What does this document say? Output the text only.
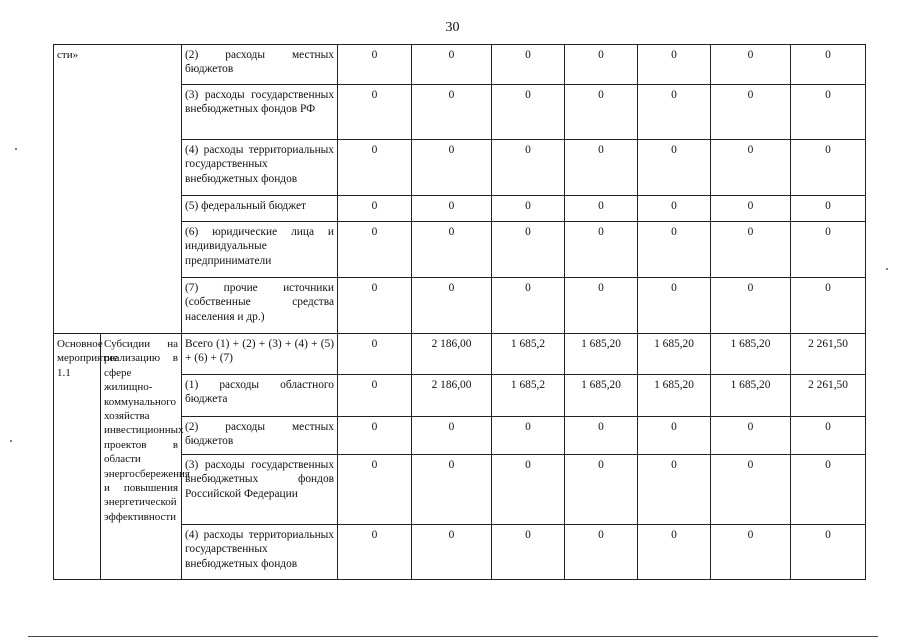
30
сти»		(2) расходы местных бюджетов	0	0	0	0	0	0	0
		(3) расходы государственных внебюджетных фондов РФ	0	0	0	0	0	0	0
		(4) расходы территориальных государственных внебюджетных фондов	0	0	0	0	0	0	0
		(5) федеральный бюджет	0	0	0	0	0	0	0
		(6) юридические лица и индивидуальные предприниматели	0	0	0	0	0	0	0
		(7) прочие источники (собственные средства населения и др.)	0	0	0	0	0	0	0
Основное мероприятие 1.1	Субсидии на реализацию в сфере жилищно-коммунального хозяйства инвестиционных проектов в области энергосбережения и повышения энергетической эффективности	Всего (1) + (2) + (3) + (4) + (5) + (6) + (7)	0	2 186,00	1 685,2	1 685,20	1 685,20	1 685,20	2 261,50
		(1) расходы областного бюджета	0	2 186,00	1 685,2	1 685,20	1 685,20	1 685,20	2 261,50
		(2) расходы местных бюджетов	0	0	0	0	0	0	0
		(3) расходы государственных внебюджетных фондов Российской Федерации	0	0	0	0	0	0	0
		(4) расходы территориальных государственных внебюджетных фондов	0	0	0	0	0	0	0
